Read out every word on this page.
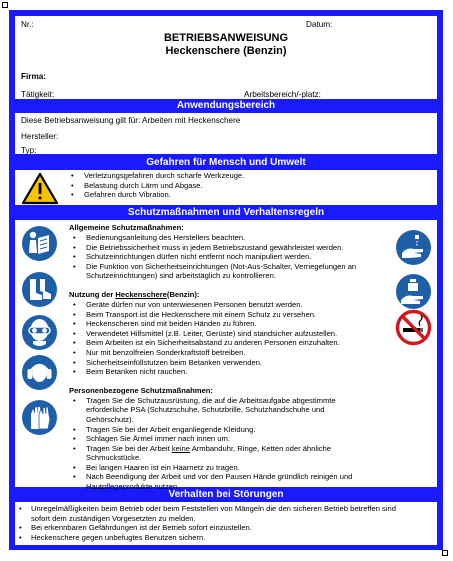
Nr.:	Datum:
BETRIEBSANWEISUNG
Heckenschere (Benzin)
Firma:
Tätigkeit:	Arbeitsbereich/-platz:
Anwendungsbereich
Diese Betriebsanweisung gilt für: Arbeiten mit Heckenschere
Hersteller:
Typ:
Gefahren für Mensch und Umwelt
• Verletzungsgefahren durch scharfe Werkzeuge.
• Belastung durch Lärm und Abgase.
• Gefahren durch Vibration.
Schutzmaßnahmen und Verhaltensregeln
Allgemeine Schutzmaßnahmen:
• Bedienungsanleitung des Herstellers beachten.
• Die Betriebssicherheit muss in jedem Betriebszustand gewährleistet werden.
• Schutzeinrichtungen dürfen nicht entfernt noch manipuliert werden.
• Die Funktion von Sicherheitseinrichtungen (Not-Aus-Schalter, Verriegelungen an
Schutzeinrichtungen) sind arbeitstäglich zu kontrollieren.
Nutzung der Heckenschere(Benzin):
• Geräte dürfen nur von unterwiesenen Personen benutzt werden.
• Beim Transport ist die Heckenschere mit einem Schutz zu versehen.
• Heckenscheren sind mit beiden Händen zu führen.
• Verwendetet Hilfsmittel (z.B. Leiter, Gerüste) sind standsicher aufzustellen.
• Beim Arbeiten ist ein Sicherheitsabstand zu anderen Personen einzuhalten.
• Nur mit benzolfreien Sonderkraftstoff betreiben.
• Sicherheitseinfüllstutzen beim Betanken verwenden.
• Beim Betanken nicht rauchen.
Personenbezogene Schutzmaßnahmen:
• Tragen Sie die Schutzausrüstung, die auf die Arbeitsaufgabe abgestimmte
erforderliche PSA (Schutzschuhe, Schutzbrille, Schutzhandschuhe und
Gehörschutz).
• Tragen Sie bei der Arbeit enganliegende Kleidung.
• Schlagen Sie Ärmel immer nach innen um.
• Tragen Sie bei der Arbeit keine Armbanduhr, Ringe, Ketten oder ähnliche
Schmuckstücke.
• Bei langen Haaren ist ein Haarnetz zu tragen.
• Nach Beendigung der Arbeit und vor den Pausen Hände gründlich reinigen und
Hautpflegeprodukte nutzen.
Verhalten bei Störungen
• Unregelmäßigkeiten beim Betrieb oder beim Feststellen von Mängeln die den sicheren Betrieb betreffen sind
sofort dem zuständigen Vorgesetzten zu melden.
• Bei erkennbaren Gefährdungen ist der Betrieb sofort einzustellen.
• Heckenschere gegen unbefugtes Benutzen sichern.
